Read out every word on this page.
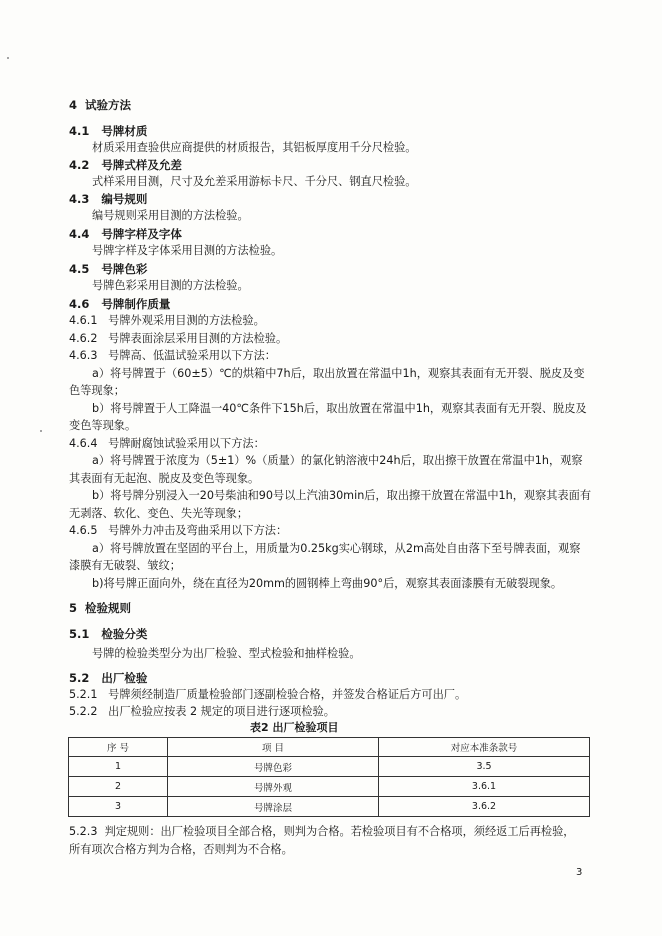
4 试验方法
4.1 号牌材质
材质采用查验供应商提供的材质报告，其铝板厚度用千分尺检验。
4.2 号牌式样及允差
式样采用目测，尺寸及允差采用游标卡尺、千分尺、钢直尺检验。
4.3 编号规则
编号规则采用目测的方法检验。
4.4 号牌字样及字体
号牌字样及字体采用目测的方法检验。
4.5 号牌色彩
号牌色彩采用目测的方法检验。
4.6 号牌制作质量
4.6.1 号牌外观采用目测的方法检验。
4.6.2 号牌表面涂层采用目测的方法检验。
4.6.3 号牌高、低温试验采用以下方法：
a）将号牌置于（60±5）℃的烘箱中7h后，取出放置在常温中1h，观察其表面有无开裂、脱皮及变
色等现象；
b）将号牌置于人工降温一40℃条件下15h后，取出放置在常温中1h，观察其表面有无开裂、脱皮及
变色等现象。
4.6.4 号牌耐腐蚀试验采用以下方法：
a）将号牌置于浓度为（5±1）%（质量）的氯化钠溶液中24h后，取出擦干放置在常温中1h，观察
其表面有无起泡、脱皮及变色等现象。
b）将号牌分别浸入一20号柴油和90号以上汽油30min后，取出擦干放置在常温中1h，观察其表面有
无剥落、软化、变色、失光等现象；
4.6.5 号牌外力冲击及弯曲采用以下方法：
a）将号牌放置在坚固的平台上，用质量为0.25kg实心钢球，从2m高处自由落下至号牌表面，观察
漆膜有无破裂、皱纹；
b)将号牌正面向外，绕在直径为20mm的圆钢棒上弯曲90°后，观察其表面漆膜有无破裂现象。
5 检验规则
5.1 检验分类
号牌的检验类型分为出厂检验、型式检验和抽样检验。
5.2 出厂检验
5.2.1 号牌须经制造厂质量检验部门逐副检验合格，并签发合格证后方可出厂。
5.2.2 出厂检验应按表 2 规定的项目进行逐项检验。
表2 出厂检验项目
序 号	项 目	对应本准条款号
1	号牌色彩	3.5
2	号牌外观	3.6.1
3	号牌涂层	3.6.2
5.2.3 判定规则：出厂检验项目全部合格，则判为合格。若检验项目有不合格项，须经返工后再检验，
所有项次合格方判为合格，否则判为不合格。
3
